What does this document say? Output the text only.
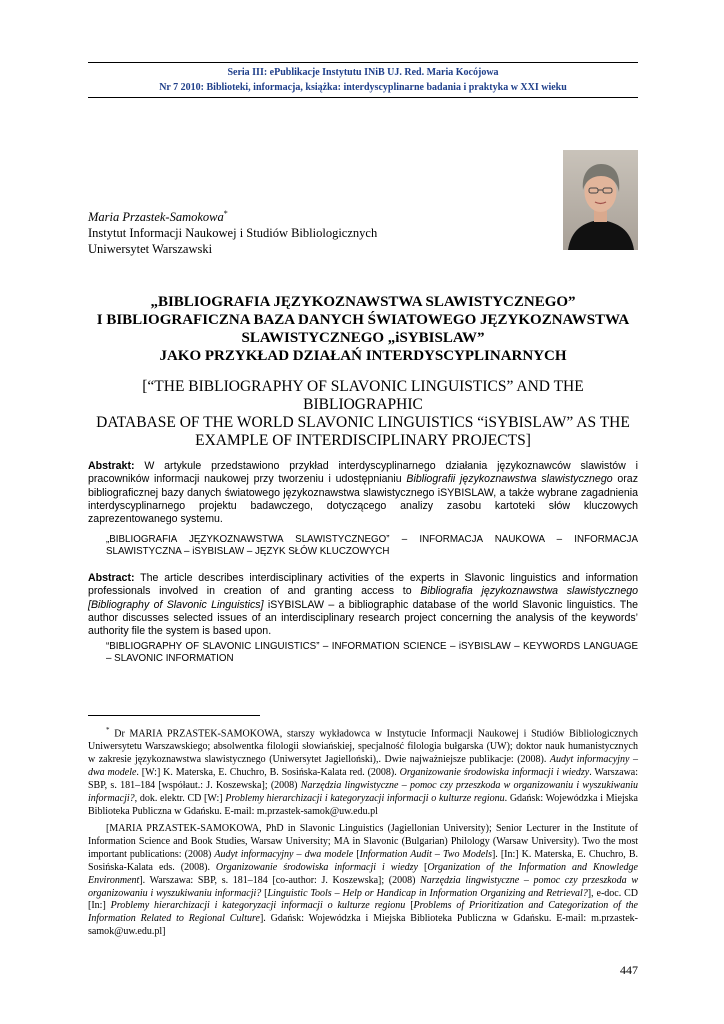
Seria III: ePublikacje Instytutu INiB UJ. Red. Maria Kocójowa
Nr 7 2010: Biblioteki, informacja, książka: interdyscyplinarne badania i praktyka w XXI wieku
Maria Przastek-Samokowa*
Instytut Informacji Naukowej i Studiów Bibliologicznych
Uniwersytet Warszawski
„BIBLIOGRAFIA JĘZYKOZNAWSTWA SLAWISTYCZNEGO”
I BIBLIOGRAFICZNA BAZA DANYCH ŚWIATOWEGO JĘZYKOZNAWSTWA
SLAWISTYCZNEGO „iSYBISLAW”
JAKO PRZYKŁAD DZIAŁAŃ INTERDYSCYPLINARNYCH
[“THE BIBLIOGRAPHY OF SLAVONIC LINGUISTICS” AND THE BIBLIOGRAPHIC
DATABASE OF THE WORLD SLAVONIC LINGUISTICS “iSYBISLAW” AS THE
EXAMPLE OF INTERDISCIPLINARY PROJECTS]
Abstrakt: W artykule przedstawiono przykład interdyscyplinarnego działania językoznawców slawistów i pracowników informacji naukowej przy tworzeniu i udostępnianiu Bibliografii językoznawstwa slawistycznego oraz bibliograficznej bazy danych światowego językoznawstwa slawistycznego iSYBISLAW, a także wybrane zagadnienia interdyscyplinarnego projektu badawczego, dotyczącego analizy zasobu kartoteki słów kluczowych zaprezentowanego systemu.
„BIBLIOGRAFIA JĘZYKOZNAWSTWA SLAWISTYCZNEGO” – INFORMACJA NAUKOWA – INFORMACJA SLAWISTYCZNA – iSYBISLAW – JĘZYK SŁÓW KLUCZOWYCH
Abstract: The article describes interdisciplinary activities of the experts in Slavonic linguistics and information professionals involved in creation of and granting access to Bibliografia językoznawstwa slawistycznego [Bibliography of Slavonic Linguistics] iSYBISLAW – a bibliographic database of the world Slavonic linguistics. The author discusses selected issues of an interdisciplinary research project concerning the analysis of the keywords’ authority file the system is based upon.
“BIBLIOGRAPHY OF SLAVONIC LINGUISTICS” – INFORMATION SCIENCE – iSYBISLAW – KEYWORDS LANGUAGE – SLAVONIC INFORMATION
* Dr MARIA PRZASTEK-SAMOKOWA, starszy wykładowca w Instytucie Informacji Naukowej i Studiów Bibliologicznych Uniwersytetu Warszawskiego; absolwentka filologii słowiańskiej, specjalność filologia bułgarska (UW); doktor nauk humanistycznych w zakresie językoznawstwa slawistycznego (Uniwersytet Jagielloński),. Dwie najważniejsze publikacje: (2008). Audyt informacyjny – dwa modele. [W:] K. Materska, E. Chuchro, B. Sosińska-Kalata red. (2008). Organizowanie środowiska informacji i wiedzy. Warszawa: SBP, s. 181–184 [współaut.: J. Koszewska]; (2008) Narzędzia lingwistyczne – pomoc czy przeszkoda w organizowaniu i wyszukiwaniu informacji?, dok. elektr. CD [W:] Problemy hierarchizacji i kategoryzacji informacji o kulturze regionu. Gdańsk: Wojewódzka i Miejska Biblioteka Publiczna w Gdańsku. E-mail: m.przastek-samok@uw.edu.pl
[MARIA PRZASTEK-SAMOKOWA, PhD in Slavonic Linguistics (Jagiellonian University); Senior Lecturer in the Institute of Information Science and Book Studies, Warsaw University; MA in Slavonic (Bulgarian) Philology (Warsaw University). Two the most important publications: (2008) Audyt informacyjny – dwa modele [Information Audit – Two Models]. [In:] K. Materska, E. Chuchro, B. Sosińska-Kalata eds. (2008). Organizowanie środowiska informacji i wiedzy [Organization of the Information and Knowledge Environment]. Warszawa: SBP, s. 181–184 [co-author: J. Koszewska]; (2008) Narzędzia lingwistyczne – pomoc czy przeszkoda w organizowaniu i wyszukiwaniu informacji? [Linguistic Tools – Help or Handicap in Information Organizing and Retrieval?], e-doc. CD [In:] Problemy hierarchizacji i kategoryzacji informacji o kulturze regionu [Problems of Prioritization and Categorization of the Information Related to Regional Culture]. Gdańsk: Wojewódzka i Miejska Biblioteka Publiczna w Gdańsku. E-mail: m.przastek-samok@uw.edu.pl]
447
